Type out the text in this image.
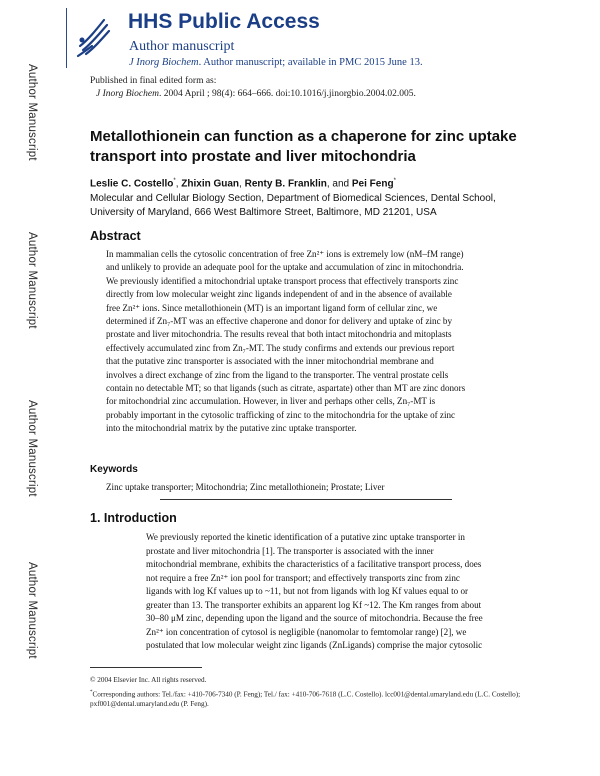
Author Manuscript
Author Manuscript
Author Manuscript
Author Manuscript
HHS Public Access
Author manuscript
J Inorg Biochem. Author manuscript; available in PMC 2015 June 13.
Published in final edited form as:
J Inorg Biochem. 2004 April ; 98(4): 664–666. doi:10.1016/j.jinorgbio.2004.02.005.
Metallothionein can function as a chaperone for zinc uptake transport into prostate and liver mitochondria
Leslie C. Costello*, Zhixin Guan, Renty B. Franklin, and Pei Feng*
Molecular and Cellular Biology Section, Department of Biomedical Sciences, Dental School,
University of Maryland, 666 West Baltimore Street, Baltimore, MD 21201, USA
Abstract
In mammalian cells the cytosolic concentration of free Zn²⁺ ions is extremely low (nM–fM range)
and unlikely to provide an adequate pool for the uptake and accumulation of zinc in mitochondria.
We previously identified a mitochondrial uptake transport process that effectively transports zinc
directly from low molecular weight zinc ligands independent of and in the absence of available
free Zn²⁺ ions. Since metallothionein (MT) is an important ligand form of cellular zinc, we
determined if Zn₇-MT was an effective chaperone and donor for delivery and uptake of zinc by
prostate and liver mitochondria. The results reveal that both intact mitochondria and mitoplasts
effectively accumulated zinc from Zn₇-MT. The study confirms and extends our previous report
that the putative zinc transporter is associated with the inner mitochondrial membrane and
involves a direct exchange of zinc from the ligand to the transporter. The ventral prostate cells
contain no detectable MT; so that ligands (such as citrate, aspartate) other than MT are zinc donors
for mitochondrial zinc accumulation. However, in liver and perhaps other cells, Zn₇-MT is
probably important in the cytosolic trafficking of zinc to the mitochondria for the uptake of zinc
into the mitochondrial matrix by the putative zinc uptake transporter.
Keywords
Zinc uptake transporter; Mitochondria; Zinc metallothionein; Prostate; Liver
1. Introduction
We previously reported the kinetic identification of a putative zinc uptake transporter in
prostate and liver mitochondria [1]. The transporter is associated with the inner
mitochondrial membrane, exhibits the characteristics of a facilitative transport process, does
not require a free Zn²⁺ ion pool for transport; and effectively transports zinc from zinc
ligands with log Kf values up to ~11, but not from ligands with log Kf values equal to or
greater than 13. The transporter exhibits an apparent log Kf ~12. The Km ranges from about
30–80 μM zinc, depending upon the ligand and the source of mitochondria. Because the free
Zn²⁺ ion concentration of cytosol is negligible (nanomolar to femtomolar range) [2], we
postulated that low molecular weight zinc ligands (ZnLigands) comprise the major cytosolic
© 2004 Elsevier Inc. All rights reserved.
*Corresponding authors: Tel./fax: +410-706-7340 (P. Feng); Tel./ fax: +410-706-7618 (L.C. Costello). lcc001@dental.umaryland.edu (L.C. Costello); pxf001@dental.umaryland.edu (P. Feng).
